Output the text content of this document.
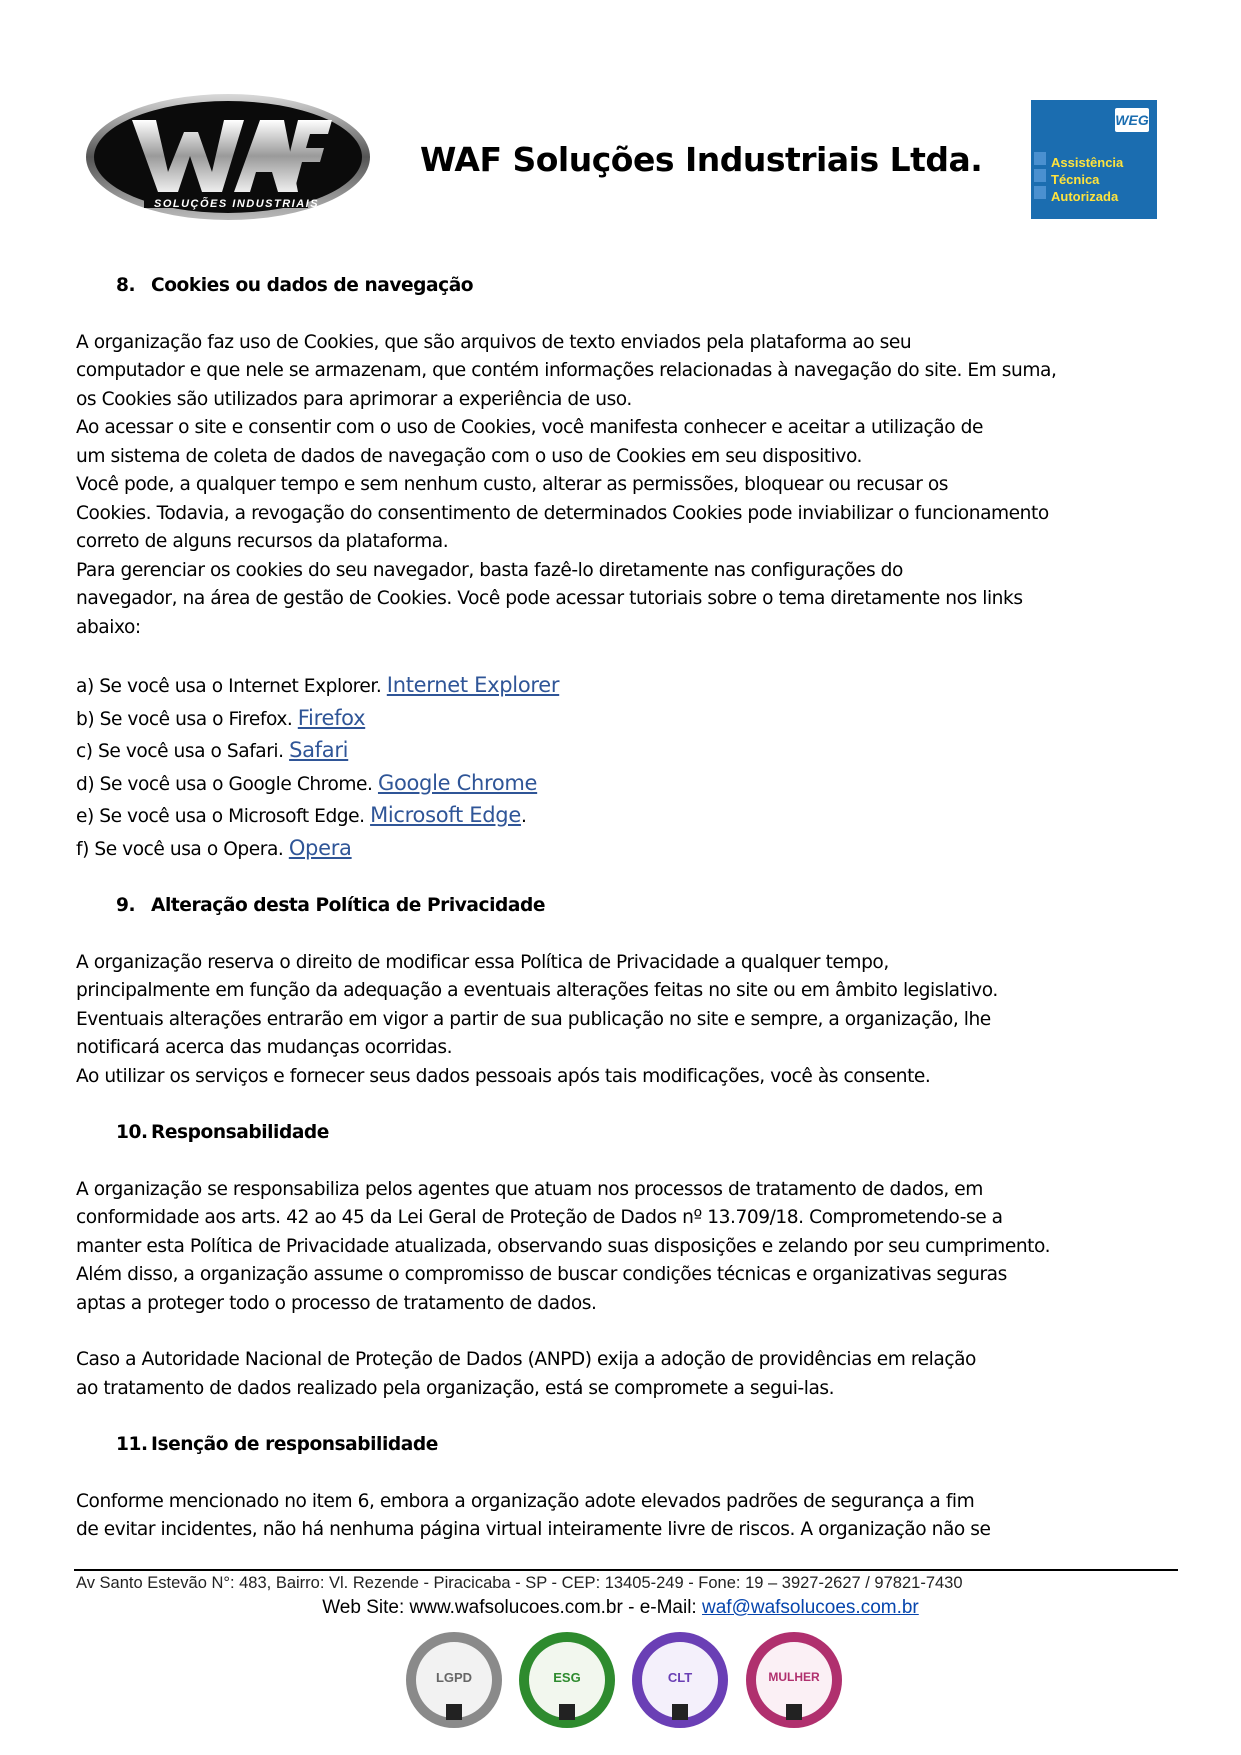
SOLUÇÕES INDUSTRIAIS
WAF Soluções Industriais Ltda.
WEG
Assistência
Técnica
Autorizada

8. Cookies ou dados de navegação

A organização faz uso de Cookies, que são arquivos de texto enviados pela plataforma ao seu

computador e que nele se armazenam, que contém informações relacionadas à navegação do site. Em suma,

os Cookies são utilizados para aprimorar a experiência de uso.

Ao acessar o site e consentir com o uso de Cookies, você manifesta conhecer e aceitar a utilização de

um sistema de coleta de dados de navegação com o uso de Cookies em seu dispositivo.

Você pode, a qualquer tempo e sem nenhum custo, alterar as permissões, bloquear ou recusar os

Cookies. Todavia, a revogação do consentimento de determinados Cookies pode inviabilizar o funcionamento

correto de alguns recursos da plataforma.

Para gerenciar os cookies do seu navegador, basta fazê-lo diretamente nas configurações do

navegador, na área de gestão de Cookies. Você pode acessar tutoriais sobre o tema diretamente nos links

abaixo:

a) Se você usa o Internet Explorer. Internet Explorer
b) Se você usa o Firefox. Firefox
c) Se você usa o Safari. Safari
d) Se você usa o Google Chrome. Google Chrome
e) Se você usa o Microsoft Edge. Microsoft Edge.
f) Se você usa o Opera. Opera

9. Alteração desta Política de Privacidade

A organização reserva o direito de modificar essa Política de Privacidade a qualquer tempo,

principalmente em função da adequação a eventuais alterações feitas no site ou em âmbito legislativo.

Eventuais alterações entrarão em vigor a partir de sua publicação no site e sempre, a organização, lhe

notificará acerca das mudanças ocorridas.

Ao utilizar os serviços e fornecer seus dados pessoais após tais modificações, você às consente.

10. Responsabilidade

A organização se responsabiliza pelos agentes que atuam nos processos de tratamento de dados, em

conformidade aos arts. 42 ao 45 da Lei Geral de Proteção de Dados nº 13.709/18. Comprometendo-se a

manter esta Política de Privacidade atualizada, observando suas disposições e zelando por seu cumprimento.

Além disso, a organização assume o compromisso de buscar condições técnicas e organizativas seguras

aptas a proteger todo o processo de tratamento de dados.

Caso a Autoridade Nacional de Proteção de Dados (ANPD) exija a adoção de providências em relação

ao tratamento de dados realizado pela organização, está se compromete a segui-las.

11. Isenção de responsabilidade

Conforme mencionado no item 6, embora a organização adote elevados padrões de segurança a fim

de evitar incidentes, não há nenhuma página virtual inteiramente livre de riscos. A organização não se

Av Santo Estevão N°: 483, Bairro: Vl. Rezende - Piracicaba - SP - CEP: 13405-249 - Fone: 19 – 3927-2627 / 97821-7430
Web Site: www.wafsolucoes.com.br - e-Mail: waf@wafsolucoes.com.br
LGPD	ESG	CLT	MULHER
